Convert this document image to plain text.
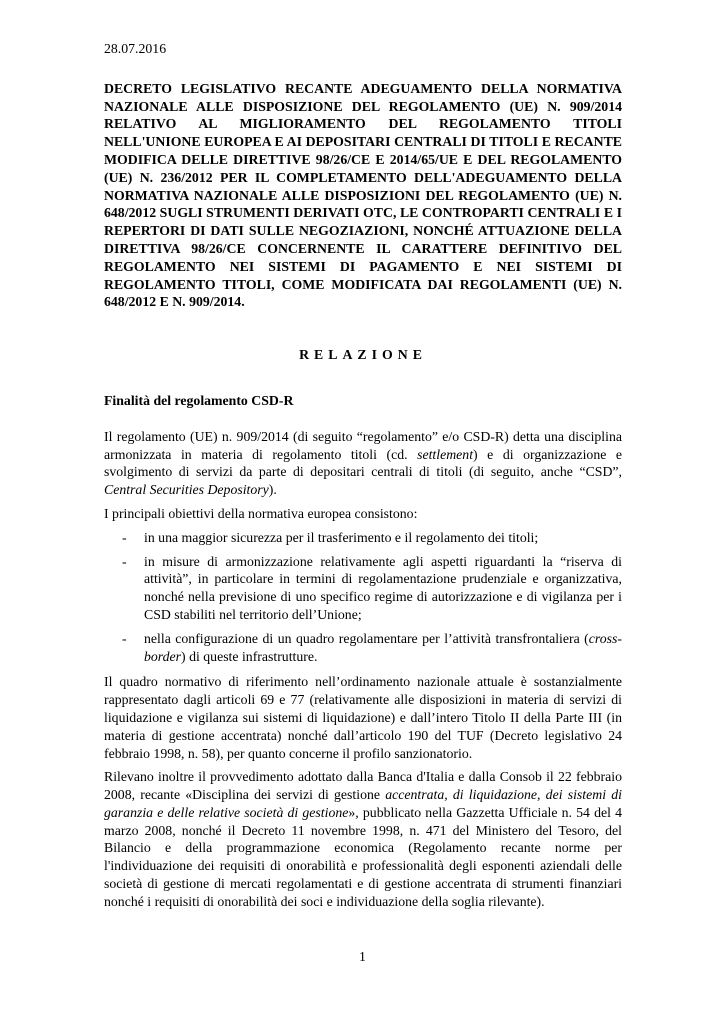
28.07.2016
DECRETO LEGISLATIVO RECANTE ADEGUAMENTO DELLA NORMATIVA NAZIONALE ALLE DISPOSIZIONE DEL REGOLAMENTO (UE) N. 909/2014 RELATIVO AL MIGLIORAMENTO DEL REGOLAMENTO TITOLI NELL'UNIONE EUROPEA E AI DEPOSITARI CENTRALI DI TITOLI E RECANTE MODIFICA DELLE DIRETTIVE 98/26/CE E 2014/65/UE E DEL REGOLAMENTO (UE) N. 236/2012 PER IL COMPLETAMENTO DELL'ADEGUAMENTO DELLA NORMATIVA NAZIONALE ALLE DISPOSIZIONI DEL REGOLAMENTO (UE) N. 648/2012 SUGLI STRUMENTI DERIVATI OTC, LE CONTROPARTI CENTRALI E I REPERTORI DI DATI SULLE NEGOZIAZIONI, NONCHÉ ATTUAZIONE DELLA DIRETTIVA 98/26/CE CONCERNENTE IL CARATTERE DEFINITIVO DEL REGOLAMENTO NEI SISTEMI DI PAGAMENTO E NEI SISTEMI DI REGOLAMENTO TITOLI, COME MODIFICATA DAI REGOLAMENTI (UE) N. 648/2012 E N. 909/2014.
RELAZIONE
Finalità del regolamento CSD-R

Il regolamento (UE) n. 909/2014 (di seguito “regolamento” e/o CSD-R) detta una disciplina armonizzata in materia di regolamento titoli (cd. settlement) e di organizzazione e svolgimento di servizi da parte di depositari centrali di titoli (di seguito, anche “CSD”, Central Securities Depository).

I principali obiettivi della normativa europea consistono:

- in una maggior sicurezza per il trasferimento e il regolamento dei titoli;
- in misure di armonizzazione relativamente agli aspetti riguardanti la “riserva di attività”, in particolare in termini di regolamentazione prudenziale e organizzativa, nonché nella previsione di uno specifico regime di autorizzazione e di vigilanza per i CSD stabiliti nel territorio dell’Unione;
- nella configurazione di un quadro regolamentare per l’attività transfrontaliera (cross-border) di queste infrastrutture.

Il quadro normativo di riferimento nell’ordinamento nazionale attuale è sostanzialmente rappresentato dagli articoli 69 e 77 (relativamente alle disposizioni in materia di servizi di liquidazione e vigilanza sui sistemi di liquidazione) e dall’intero Titolo II della Parte III (in materia di gestione accentrata) nonché dall’articolo 190 del TUF (Decreto legislativo 24 febbraio 1998, n. 58), per quanto concerne il profilo sanzionatorio.

Rilevano inoltre il provvedimento adottato dalla Banca d'Italia e dalla Consob il 22 febbraio 2008, recante «Disciplina dei servizi di gestione accentrata, di liquidazione, dei sistemi di garanzia e delle relative società di gestione», pubblicato nella Gazzetta Ufficiale n. 54 del 4 marzo 2008, nonché il Decreto 11 novembre 1998, n. 471 del Ministero del Tesoro, del Bilancio e della programmazione economica (Regolamento recante norme per l'individuazione dei requisiti di onorabilità e professionalità degli esponenti aziendali delle società di gestione di mercati regolamentati e di gestione accentrata di strumenti finanziari nonché i requisiti di onorabilità dei soci e individuazione della soglia rilevante).

1
